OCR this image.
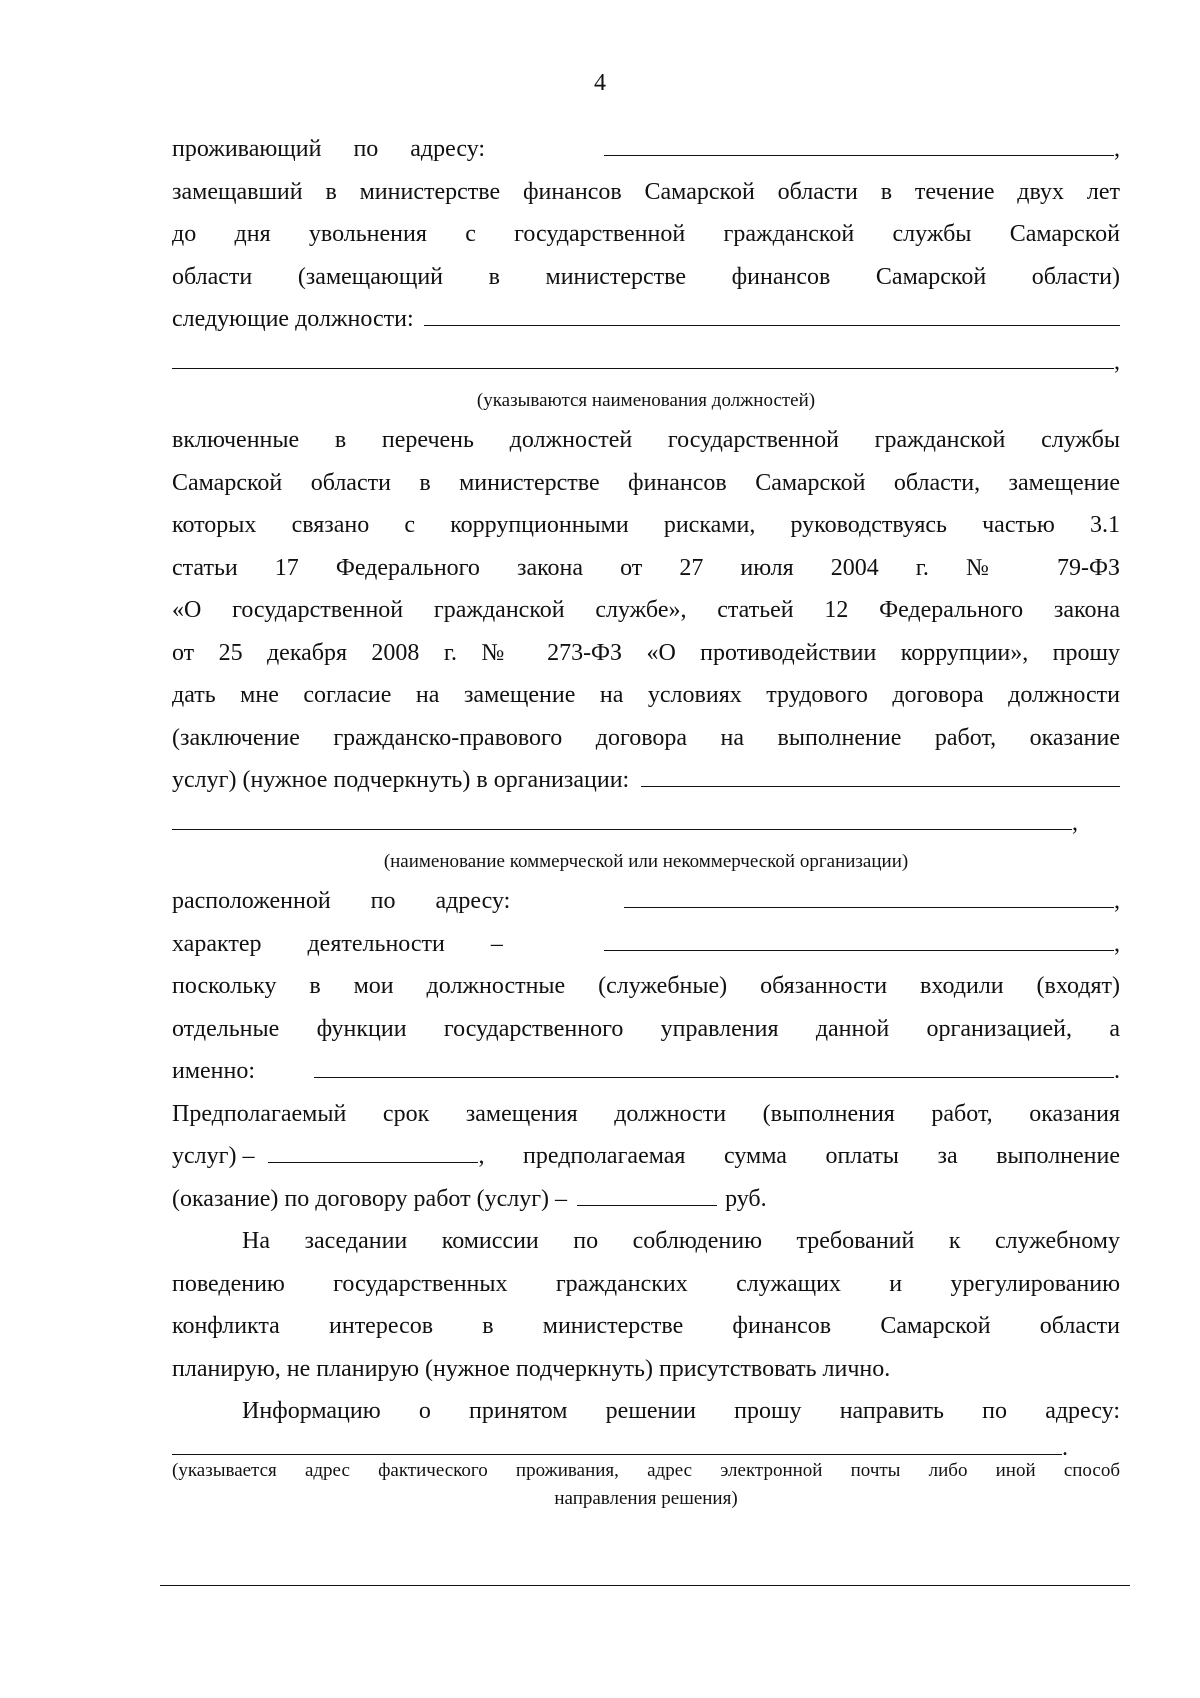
4
проживающий по адресу:	,
замещавший в министерстве финансов Самарской области в течение двух лет
до дня увольнения с государственной гражданской службы Самарской
области (замещающий в министерстве финансов Самарской области)
следующие должности:
,
(указываются наименования должностей)
включенные в перечень должностей государственной гражданской службы
Самарской области в министерстве финансов Самарской области, замещение
которых связано с коррупционными рисками, руководствуясь частью 3.1
статьи 17 Федерального закона от 27 июля 2004 г. № 79-ФЗ
«О государственной гражданской службе», статьей 12 Федерального закона
от 25 декабря 2008 г. № 273-ФЗ «О противодействии коррупции», прошу
дать мне согласие на замещение на условиях трудового договора должности
(заключение гражданско-правового договора на выполнение работ, оказание
услуг) (нужное подчеркнуть) в организации:
,
(наименование коммерческой или некоммерческой организации)
расположенной по адресу:	,
характер деятельности –	,
поскольку в мои должностные (служебные) обязанности входили (входят)
отдельные функции государственного управления данной организацией, а
именно:	.
Предполагаемый срок замещения должности (выполнения работ, оказания
услуг) –	, предполагаемая сумма оплаты за выполнение
(оказание) по договору работ (услуг) –	руб.
На заседании комиссии по соблюдению требований к служебному
поведению государственных гражданских служащих и урегулированию
конфликта интересов в министерстве финансов Самарской области
планирую, не планирую (нужное подчеркнуть) присутствовать лично.
Информацию о принятом решении прошу направить по адресу:
.
(указывается адрес фактического проживания, адрес электронной почты либо иной способ
направления решения)
